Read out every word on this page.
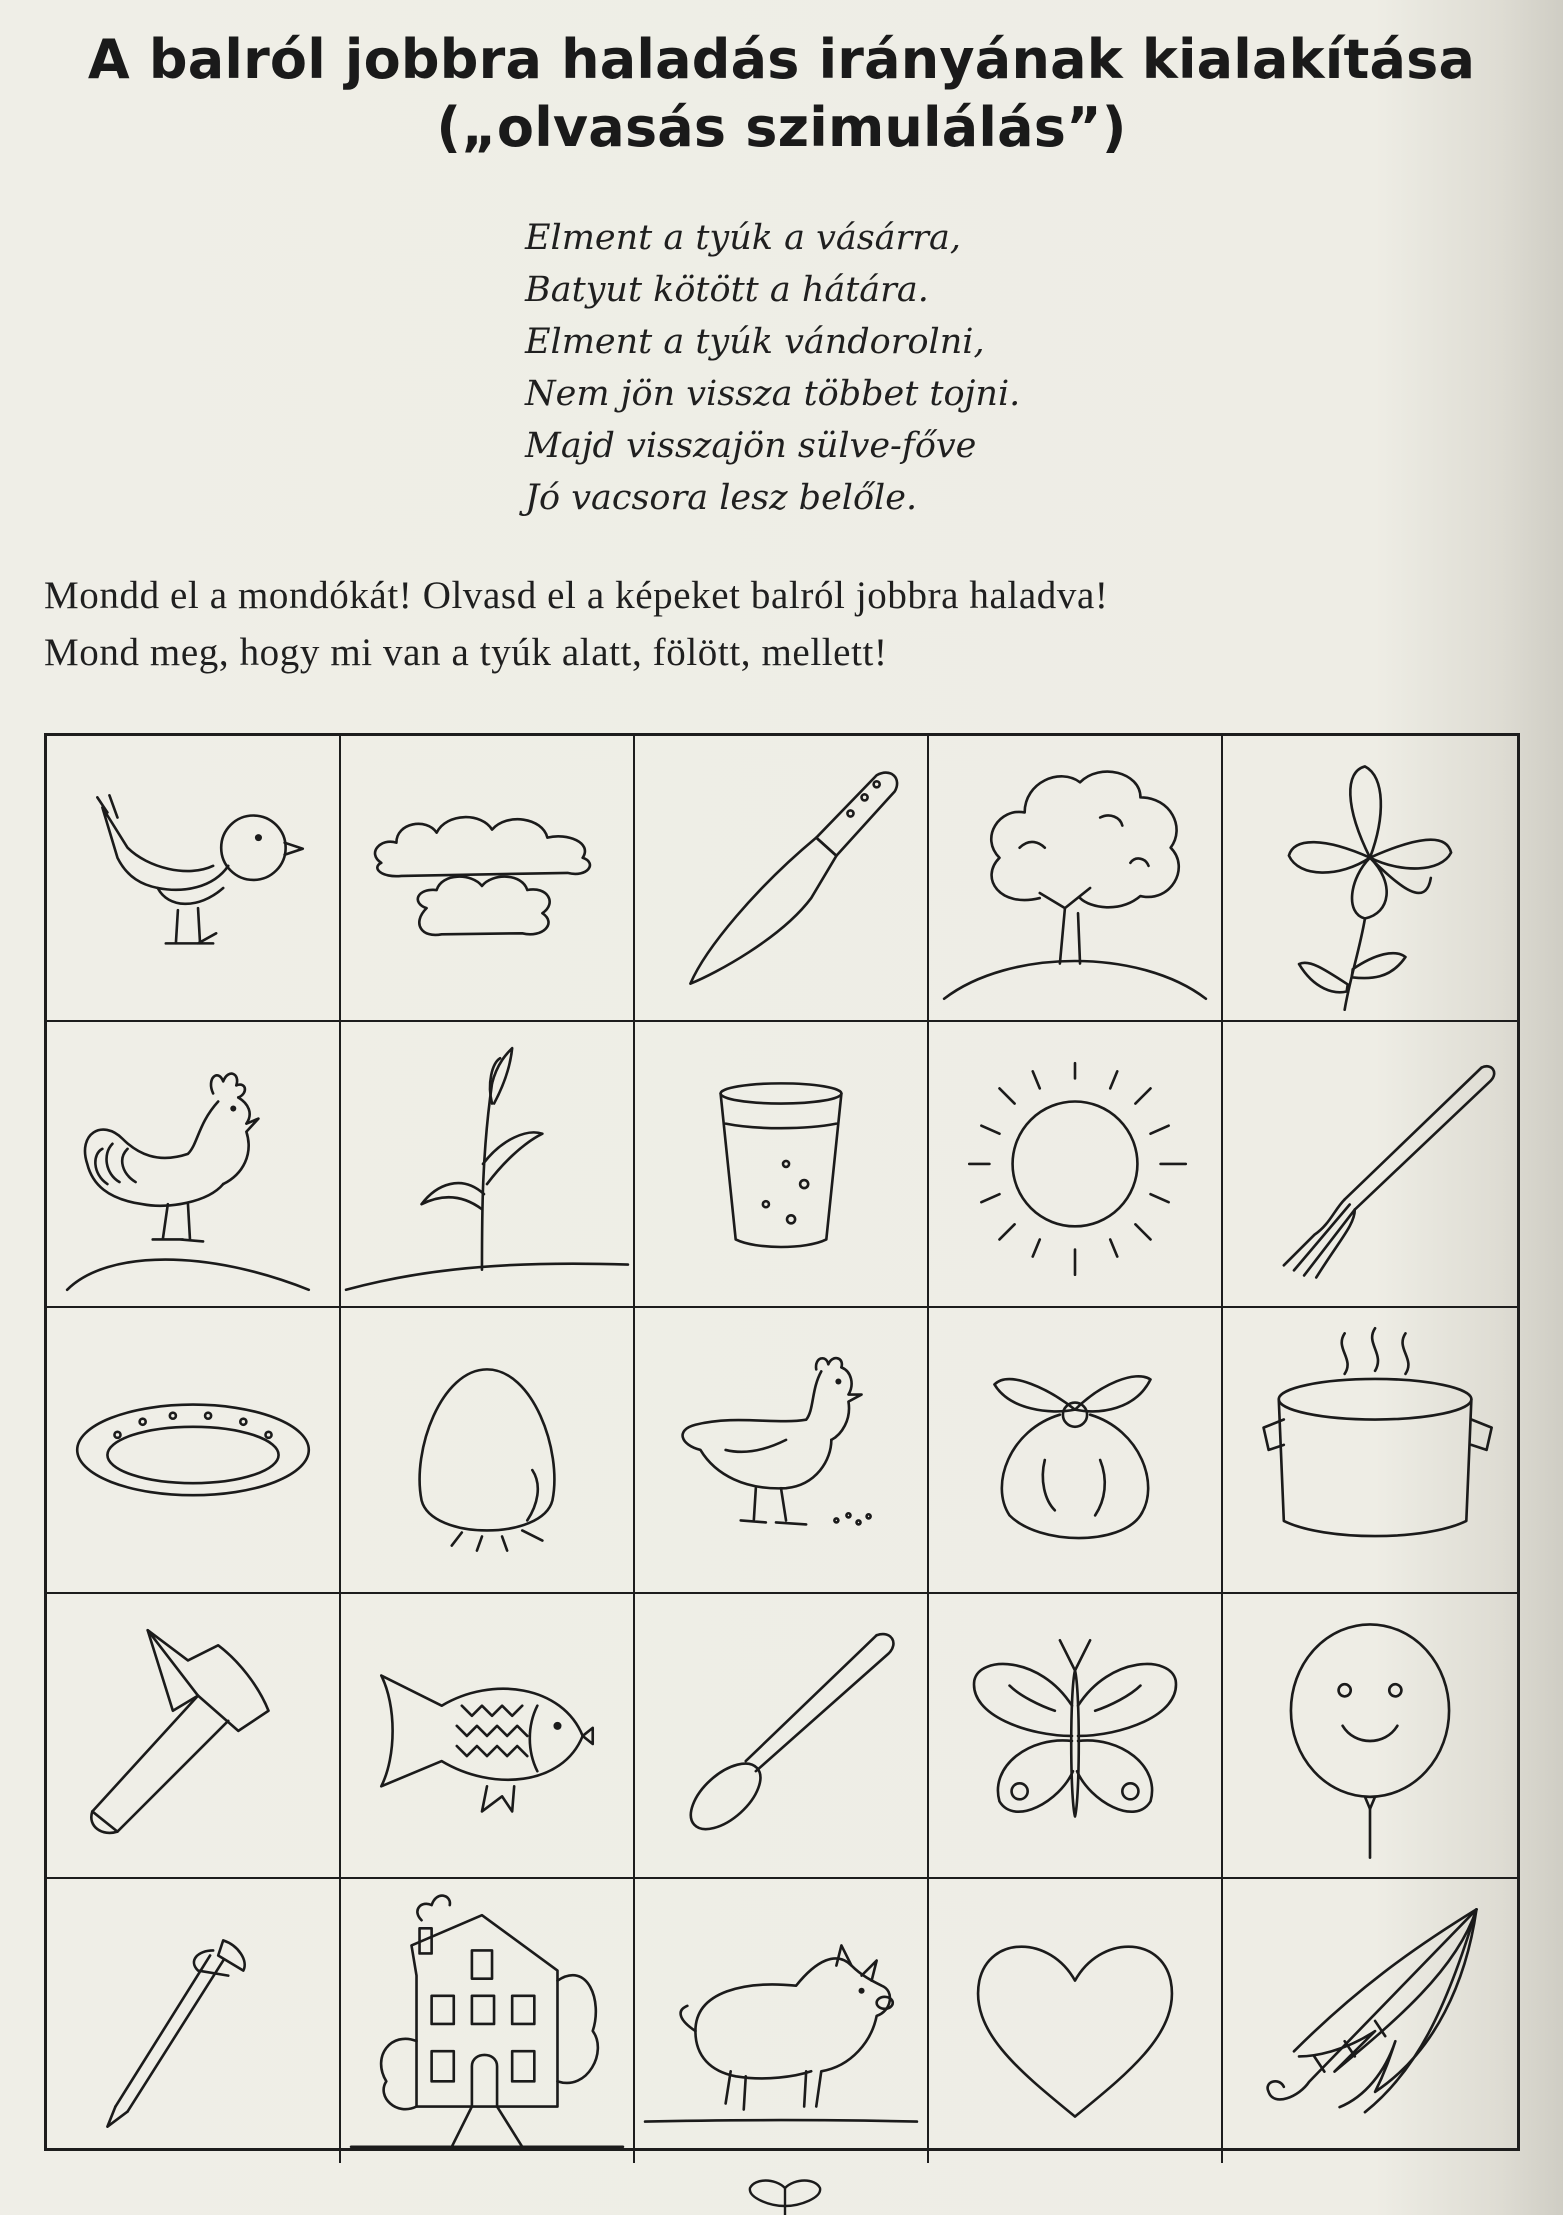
A balról jobbra haladás irányának kialakítása
(„olvasás szimulálás”)
Elment a tyúk a vásárra,
Batyut kötött a hátára.
Elment a tyúk vándorolni,
Nem jön vissza többet tojni.
Majd visszajön sülve-főve
Jó vacsora lesz belőle.
Mondd el a mondókát! Olvasd el a képeket balról jobbra haladva!
Mond meg, hogy mi van a tyúk alatt, fölött, mellett!
